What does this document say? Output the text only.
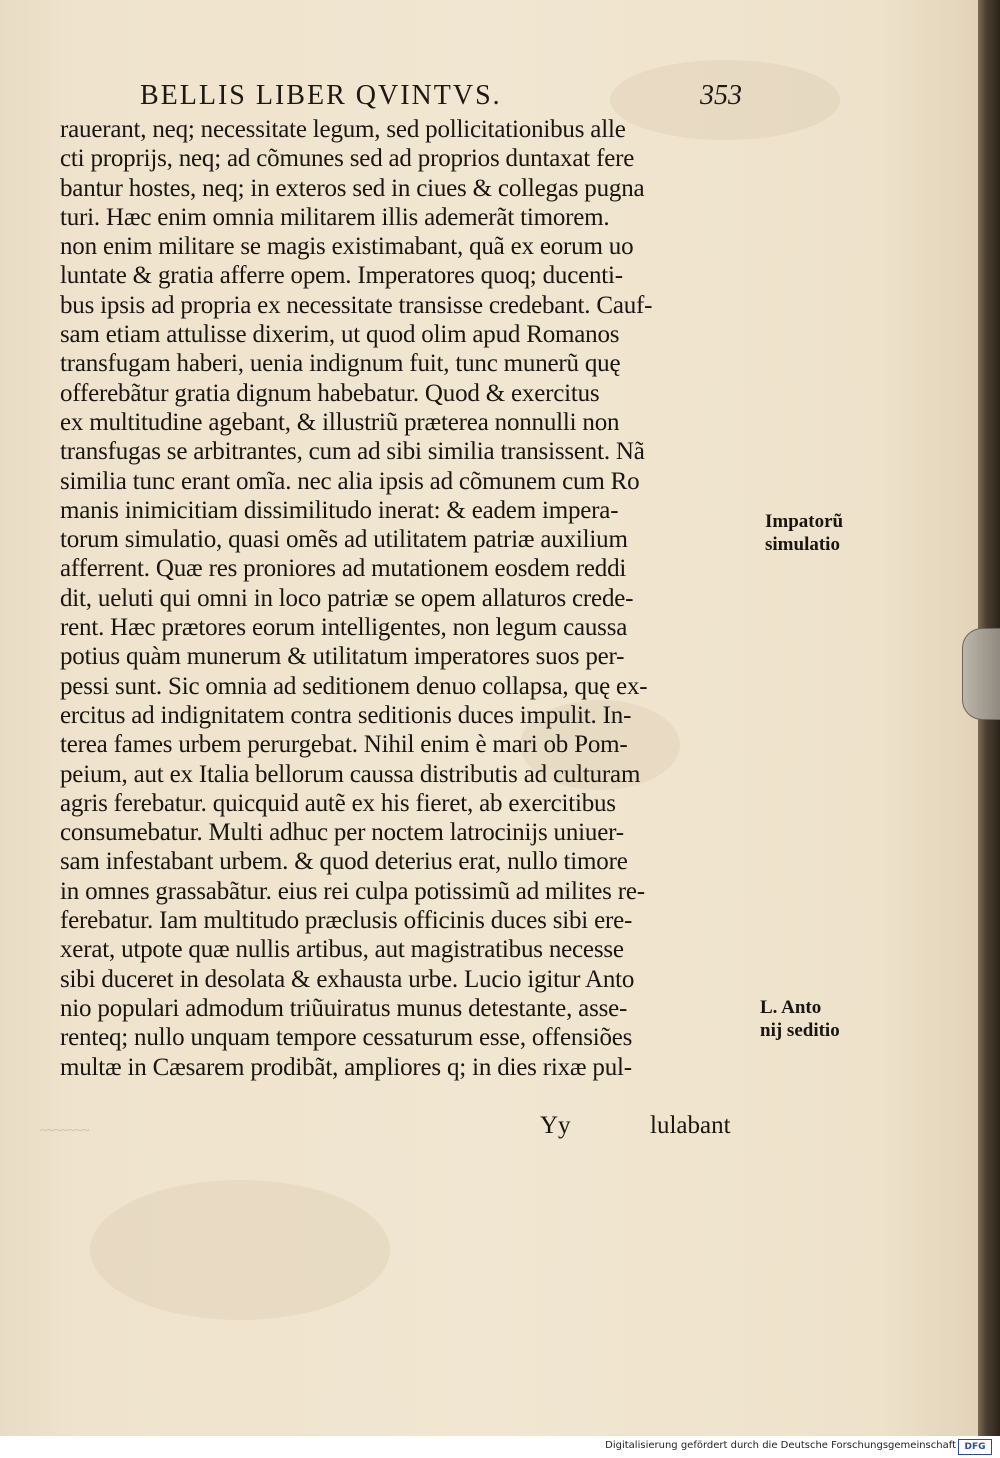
BELLIS LIBER QVINTVS.	353
rauerant, neq; necessitate legum, sed pollicitationibus alle
cti proprijs, neq; ad cõmunes sed ad proprios duntaxat fere
bantur hostes, neq; in exteros sed in ciues & collegas pugna
turi. Hæc enim omnia militarem illis ademerãt timorem.
non enim militare se magis existimabant, quã ex eorum uo
luntate & gratia afferre opem. Imperatores quoq; ducenti-
bus ipsis ad propria ex necessitate transisse credebant. Cauf-
sam etiam attulisse dixerim, ut quod olim apud Romanos
transfugam haberi, uenia indignum fuit, tunc munerũ quę
offerebãtur gratia dignum habebatur. Quod & exercitus
ex multitudine agebant, & illustriũ præterea nonnulli non
transfugas se arbitrantes, cum ad sibi similia transissent. Nã
similia tunc erant omĩa. nec alia ipsis ad cõmunem cum Ro
manis inimicitiam dissimilitudo inerat: & eadem impera-
torum simulatio, quasi omẽs ad utilitatem patriæ auxilium
afferrent. Quæ res proniores ad mutationem eosdem reddi
dit, ueluti qui omni in loco patriæ se opem allaturos crede-
rent. Hæc prætores eorum intelligentes, non legum caussa
potius quàm munerum & utilitatum imperatores suos per-
pessi sunt. Sic omnia ad seditionem denuo collapsa, quę ex-
ercitus ad indignitatem contra seditionis duces impulit. In-
terea fames urbem perurgebat. Nihil enim è mari ob Pom-
peium, aut ex Italia bellorum caussa distributis ad culturam
agris ferebatur. quicquid autẽ ex his fieret, ab exercitibus
consumebatur. Multi adhuc per noctem latrocinijs uniuer-
sam infestabant urbem. & quod deterius erat, nullo timore
in omnes grassabãtur. eius rei culpa potissimũ ad milites re-
ferebatur. Iam multitudo præclusis officinis duces sibi ere-
xerat, utpote quæ nullis artibus, aut magistratibus necesse
sibi duceret in desolata & exhausta urbe. Lucio igitur Anto
nio populari admodum triũuiratus munus detestante, asse-
renteq; nullo unquam tempore cessaturum esse, offensiões
multæ in Cæsarem prodibãt, ampliores q; in dies rixæ pul-
Impatorũ
simulatio
L. Anto
nij seditio
Yy	lulabant
~~~~~~~
Digitalisierung gefördert durch die Deutsche Forschungsgemeinschaft DFG
